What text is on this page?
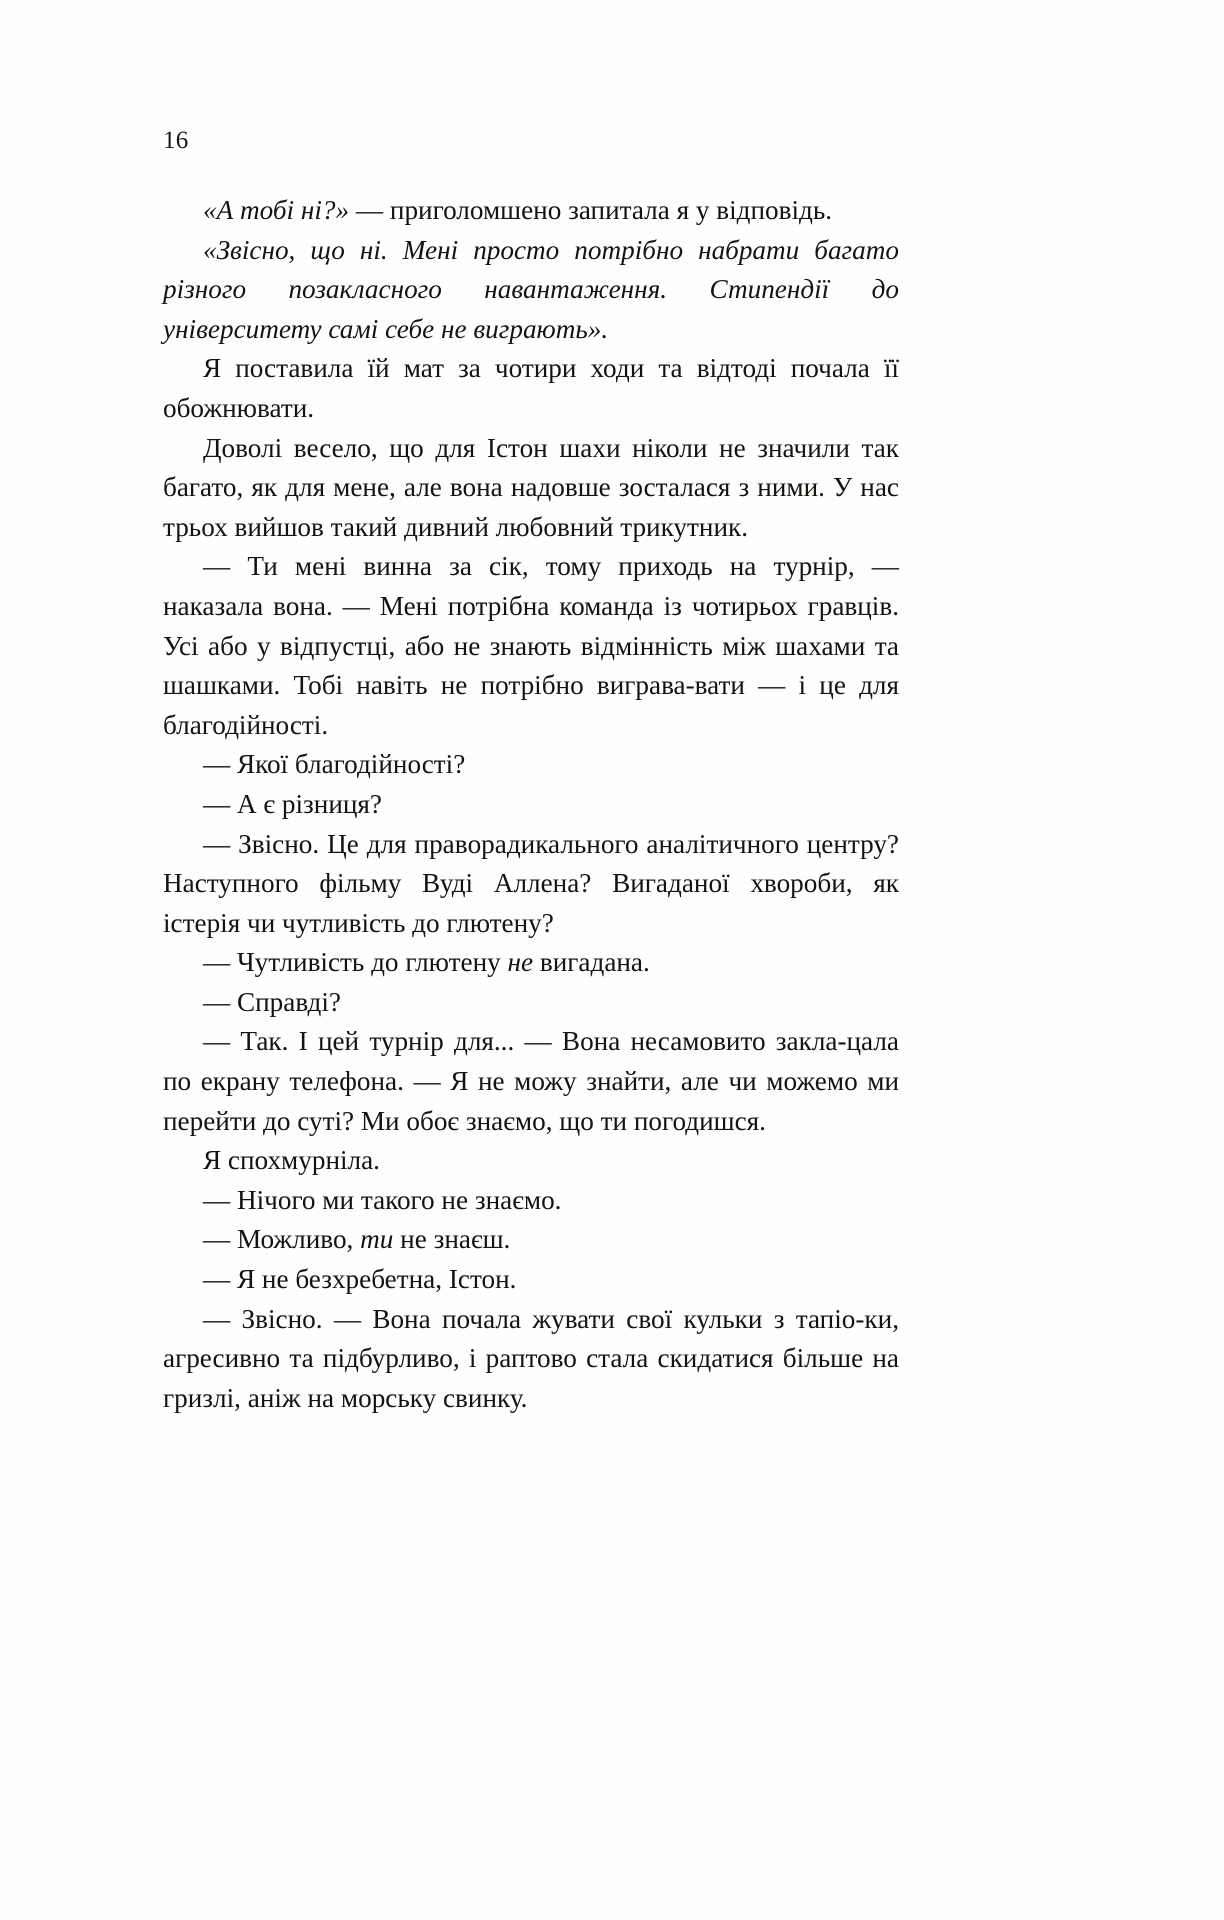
16

«А тобі ні?» — приголомшено запитала я у відповідь.

«Звісно, що ні. Мені просто потрібно набрати багато різного позакласного навантаження. Стипендії до університету самі себе не виграють».

Я поставила їй мат за чотири ходи та відтоді почала її обожнювати.

Доволі весело, що для Істон шахи ніколи не значили так багато, як для мене, але вона надовше зосталася з ними. У нас трьох вийшов такий дивний любовний трикутник.

— Ти мені винна за сік, тому приходь на турнір, — наказала вона. — Мені потрібна команда із чотирьох гравців. Усі або у відпустці, або не знають відмінність між шахами та шашками. Тобі навіть не потрібно виграва-вати — і це для благодійності.

— Якої благодійності?

— А є різниця?

— Звісно. Це для правoрадикального аналітичного центру? Наступного фільму Вуді Аллена? Вигаданої хвороби, як істерія чи чутливість до глютену?

— Чутливість до глютену не вигадана.

— Справді?

— Так. І цей турнір для... — Вона несамовито закла-цала по екрану телефона. — Я не можу знайти, але чи можемо ми перейти до суті? Ми обоє знаємо, що ти погодишся.

Я спохмурніла.

— Нічого ми такого не знаємо.

— Можливо, ти не знаєш.

— Я не безхребетна, Істон.

— Звісно. — Вона почала жувати свої кульки з тапіо-ки, агресивно та підбурливо, і раптово стала скидатися більше на гризлі, аніж на морську свинку.
